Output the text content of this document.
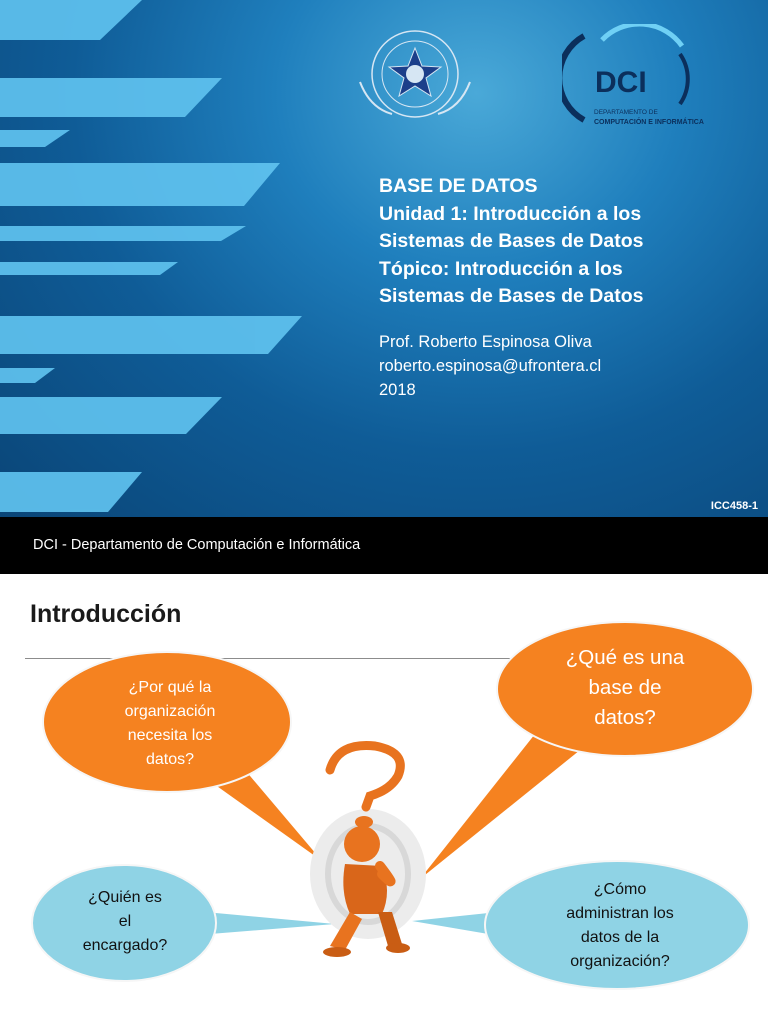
DCI
DEPARTAMENTO DE
COMPUTACIÓN E INFORMÁTICA
BASE DE DATOS
Unidad 1: Introducción a los
Sistemas de Bases de Datos
Tópico: Introducción a los
Sistemas de Bases de Datos
Prof. Roberto Espinosa Oliva
roberto.espinosa@ufrontera.cl
2018
ICC458-1
DCI - Departamento de Computación e Informática
Introducción
¿Por qué la
organización
necesita los
datos?
¿Qué es una
base de
datos?
¿Quién es
el
encargado?
¿Cómo
administran los
datos de la
organización?
